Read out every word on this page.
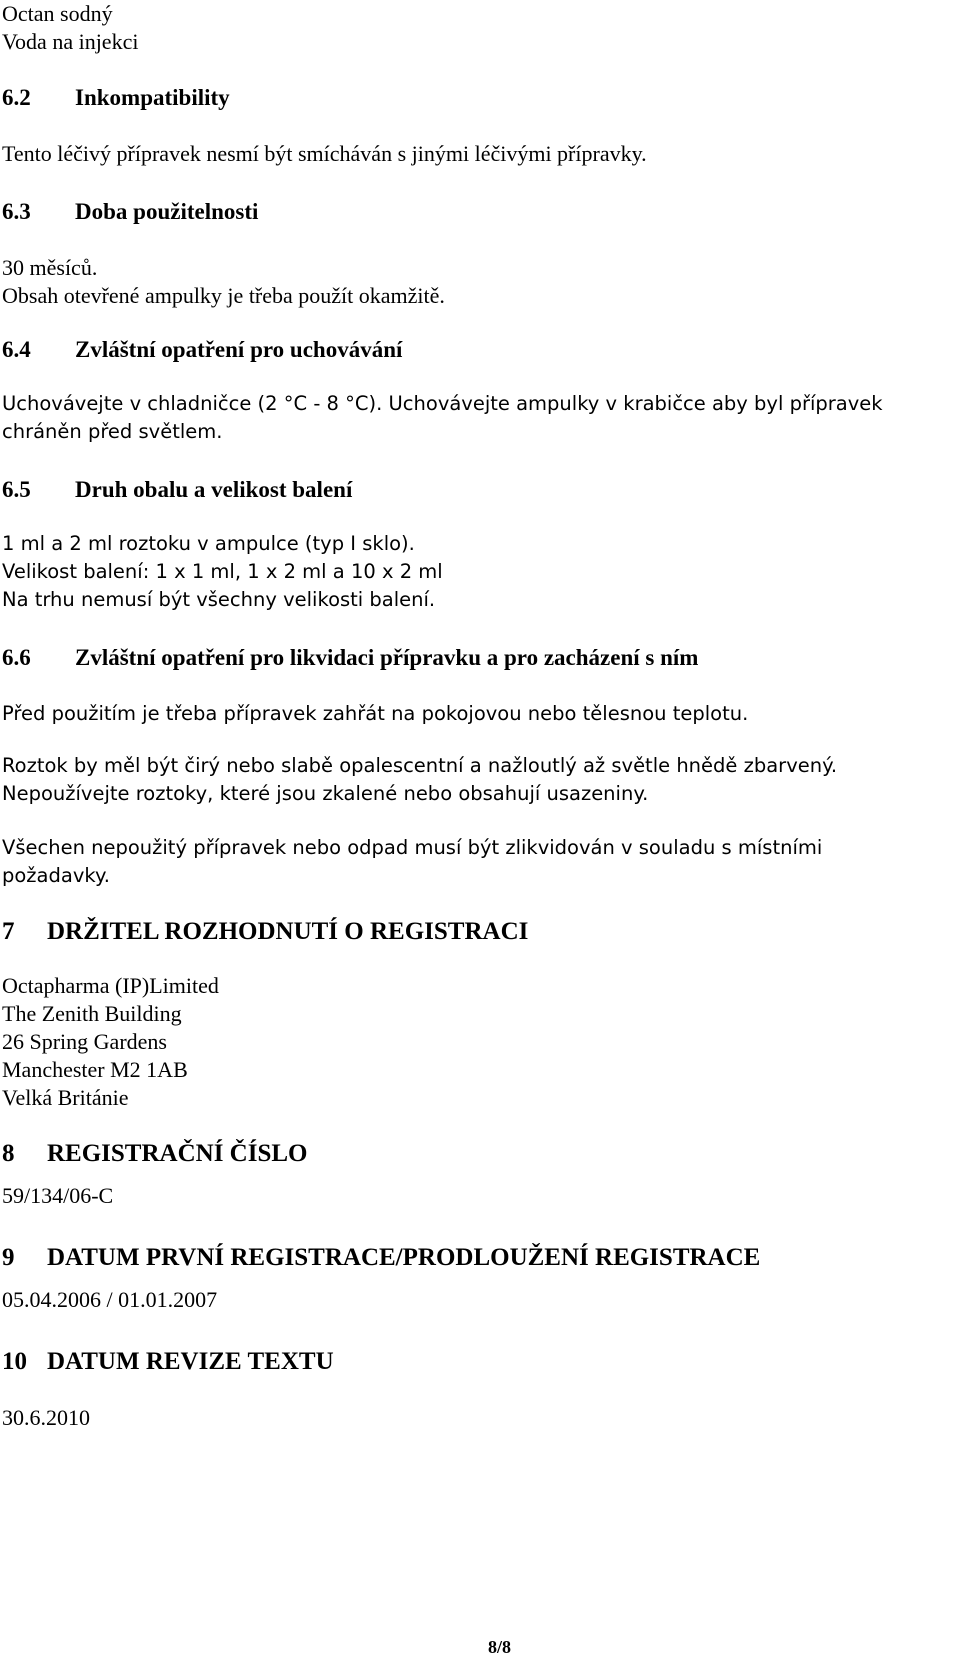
Octan sodný

Voda na injekci

6.2 Inkompatibility

Tento léčivý přípravek nesmí být smícháván s jinými léčivými přípravky.

6.3 Doba použitelnosti

30 měsíců.

Obsah otevřené ampulky je třeba použít okamžitě.

6.4 Zvláštní opatření pro uchovávání

Uchovávejte v chladničce (2 °C - 8 °C). Uchovávejte ampulky v krabičce aby byl přípravek

chráněn před světlem.

6.5 Druh obalu a velikost balení

1 ml a 2 ml roztoku v ampulce (typ I sklo).

Velikost balení: 1 x 1 ml, 1 x 2 ml a 10 x 2 ml

Na trhu nemusí být všechny velikosti balení.

6.6 Zvláštní opatření pro likvidaci přípravku a pro zacházení s ním

Před použitím je třeba přípravek zahřát na pokojovou nebo tělesnou teplotu.

Roztok by měl být čirý nebo slabě opalescentní a nažloutlý až světle hnědě zbarvený.

Nepoužívejte roztoky, které jsou zkalené nebo obsahují usazeniny.

Všechen nepoužitý přípravek nebo odpad musí být zlikvidován v souladu s místními

požadavky.

7 DRŽITEL ROZHODNUTÍ O REGISTRACI

Octapharma (IP)Limited

The Zenith Building

26 Spring Gardens

Manchester M2 1AB

Velká Británie

8 REGISTRAČNÍ ČÍSLO

59/134/06-C

9 DATUM PRVNÍ REGISTRACE/PRODLOUŽENÍ REGISTRACE

05.04.2006 / 01.01.2007

10 DATUM REVIZE TEXTU

30.6.2010

8/8
